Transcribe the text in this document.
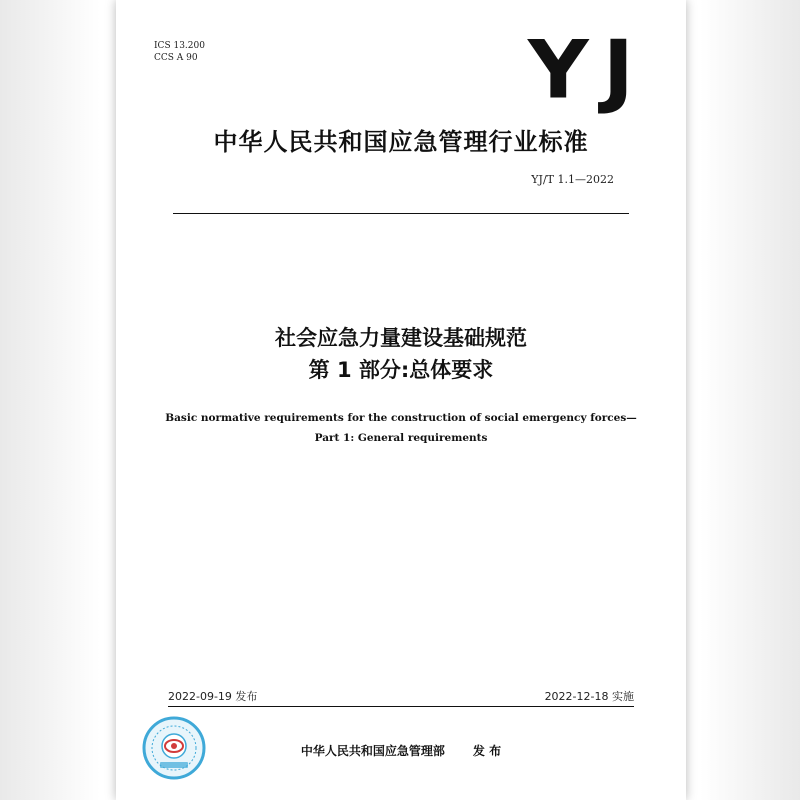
ICS 13.200
CCS A 90	YJ
中华人民共和国应急管理行业标准
YJ/T 1.1—2022
社会应急力量建设基础规范
第 1 部分:总体要求
Basic normative requirements for the construction of social emergency forces—
Part 1: General requirements
2022-09-19 发布	2022-12-18 实施
中华人民共和国应急管理部 发 布
